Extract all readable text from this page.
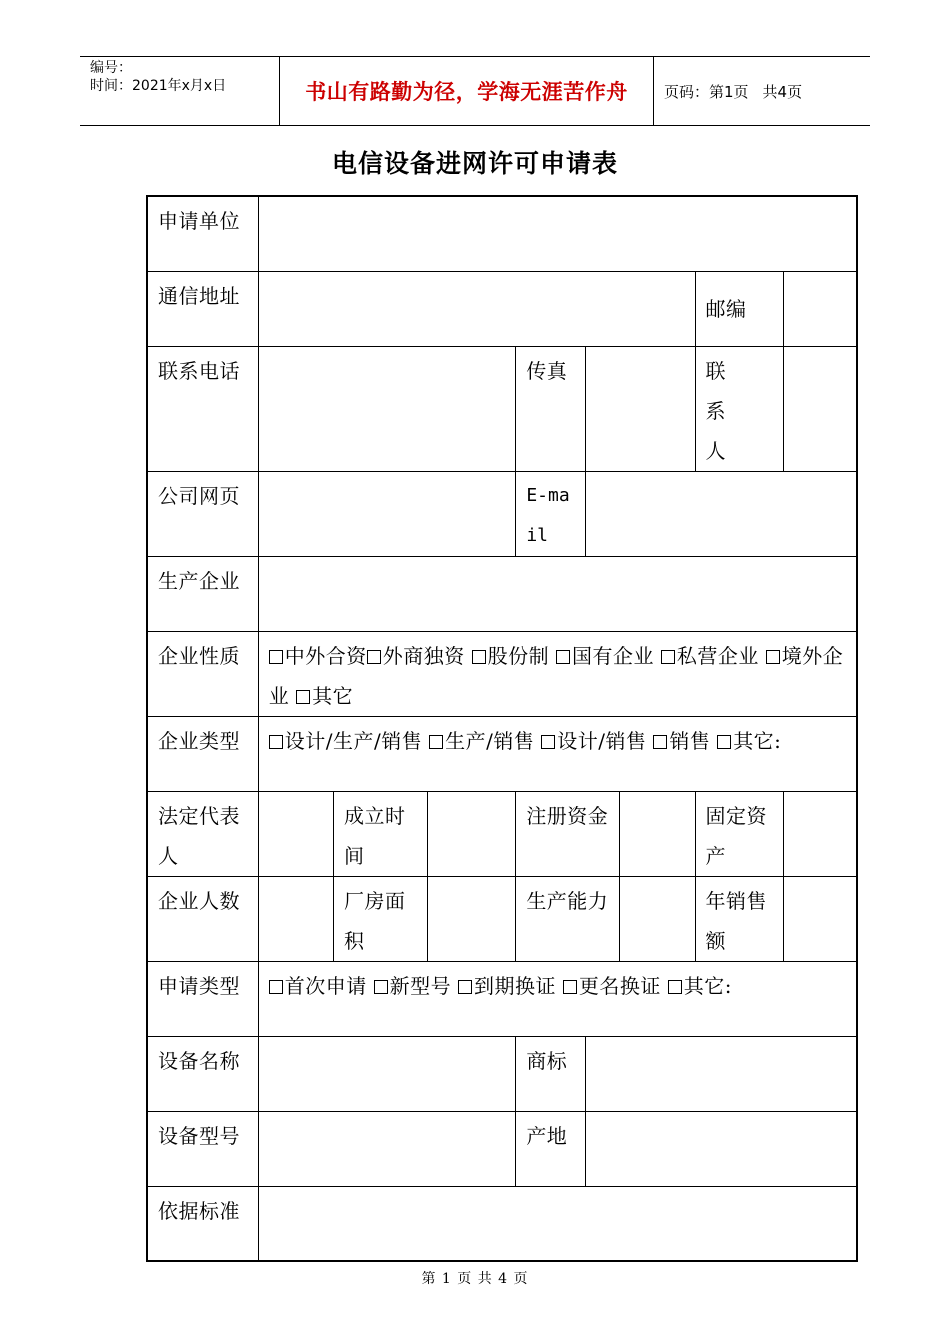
编号：
时间：2021年x月x日	书山有路勤为径，学海无涯苦作舟 页码：第1页 共4页
电信设备进网许可申请表
申请单位								
通信地址							邮编	
联系电话				传真			联系人	
公司网页				E-mail				
生产企业								
企业性质	中外合资 外商独资 股份制 国有企业 私营企业 境外企业 其它							
企业类型	设计/生产/销售 生产/销售 设计/销售 销售 其它:							
法定代表人		成立时间		注册资金			固定资产	
企业人数		厂房面积		生产能力			年销售额	
申请类型	首次申请 新型号 到期换证 更名换证 其它:							
设备名称				商标				
设备型号				产地				
依据标准								
第 1 页 共 4 页
